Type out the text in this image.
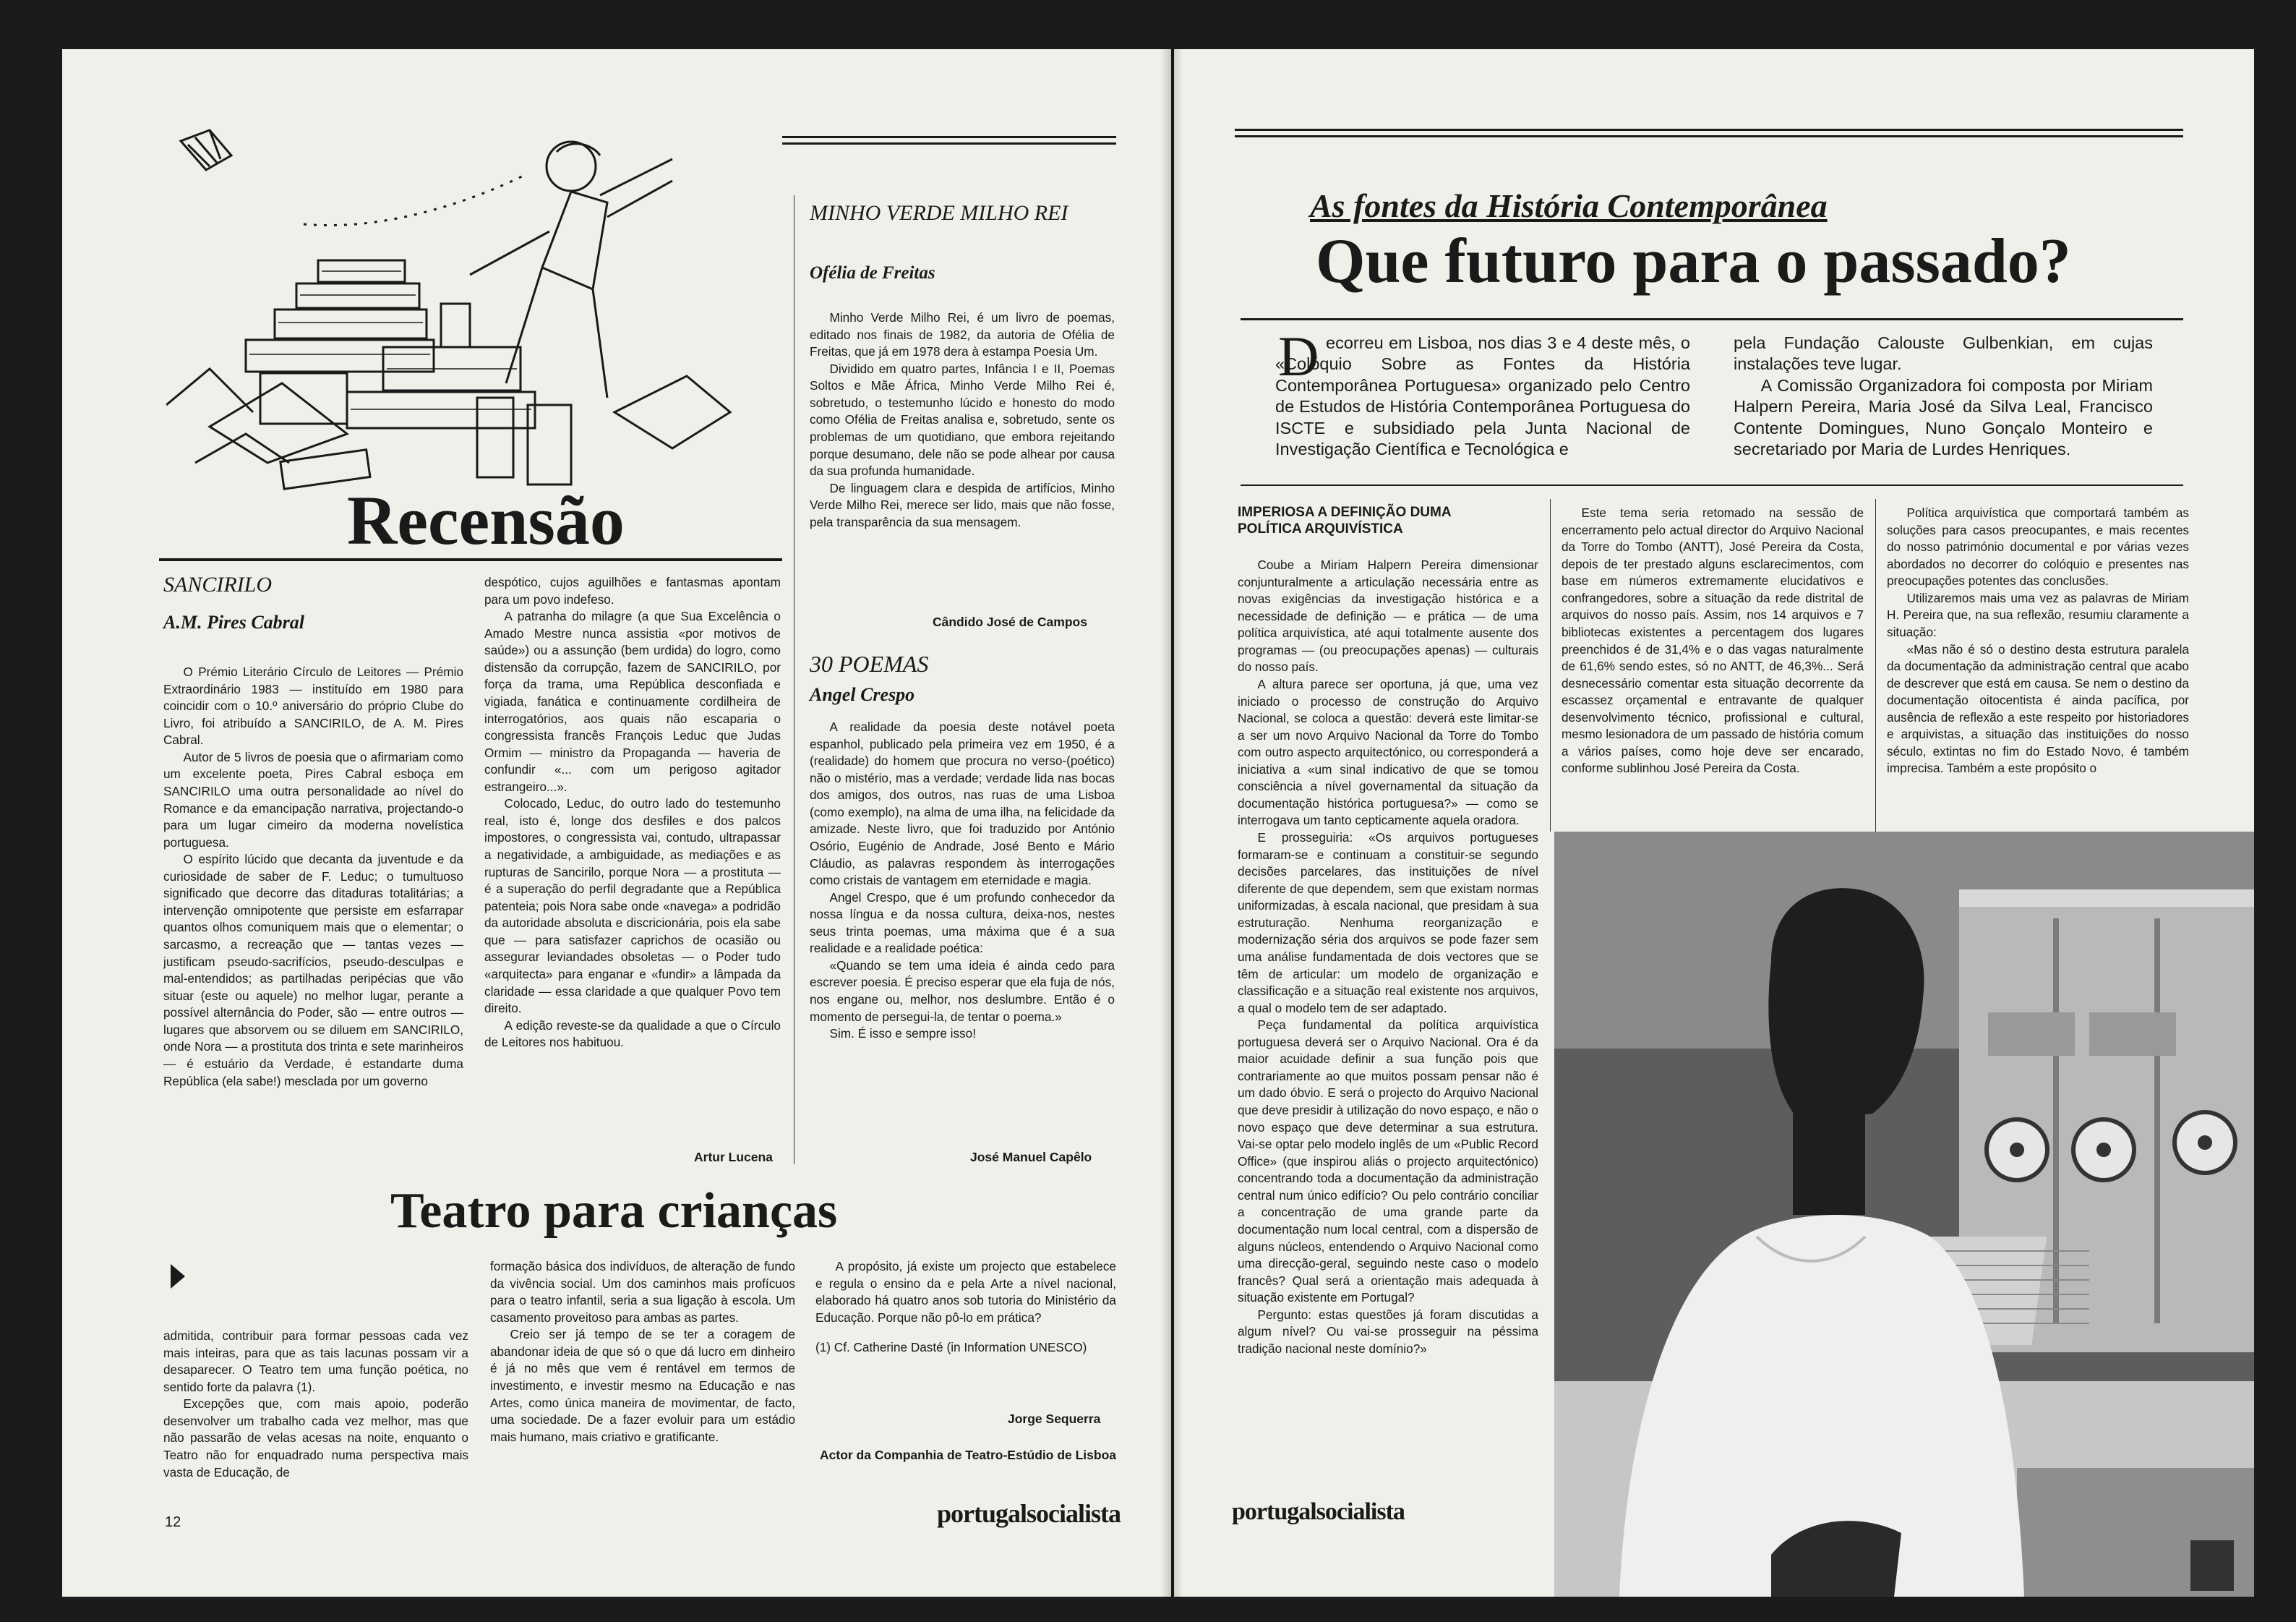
Recensão
SANCIRILO
A.M. Pires Cabral

O Prémio Literário Círculo de Leitores — Prémio Extraordinário 1983 — instituído em 1980 para coincidir com o 10.º aniversário do próprio Clube do Livro, foi atribuído a SANCIRILO, de A. M. Pires Cabral.

Autor de 5 livros de poesia que o afirmariam como um excelente poeta, Pires Cabral esboça em SANCIRILO uma outra personalidade ao nível do Romance e da emancipação narrativa, projectando-o para um lugar cimeiro da moderna novelística portuguesa.

O espírito lúcido que decanta da juventude e da curiosidade de saber de F. Leduc; o tumultuoso significado que decorre das ditaduras totalitárias; a intervenção omnipotente que persiste em esfarrapar quantos olhos comuniquem mais que o elementar; o sarcasmo, a recreação que — tantas vezes — justificam pseudo-sacrifícios, pseudo-desculpas e mal-entendidos; as partilhadas peripécias que vão situar (este ou aquele) no melhor lugar, perante a possível alternância do Poder, são — entre outros — lugares que absorvem ou se diluem em SANCIRILO, onde Nora — a prostituta dos trinta e sete marinheiros — é estuário da Verdade, é estandarte duma República (ela sabe!) mesclada por um governo

despótico, cujos aguilhões e fantasmas apontam para um povo indefeso.

A patranha do milagre (a que Sua Excelência o Amado Mestre nunca assistia «por motivos de saúde») ou a assunção (bem urdida) do logro, como distensão da corrupção, fazem de SANCIRILO, por força da trama, uma República desconfiada e vigiada, fanática e continuamente cordilheira de interrogatórios, aos quais não escaparia o congressista francês François Leduc que Judas Ormim — ministro da Propaganda — haveria de confundir «... com um perigoso agitador estrangeiro...».

Colocado, Leduc, do outro lado do testemunho real, isto é, longe dos desfiles e dos palcos impostores, o congressista vai, contudo, ultrapassar a negatividade, a ambiguidade, as mediações e as rupturas de Sancirilo, porque Nora — a prostituta — é a superação do perfil degradante que a República patenteia; pois Nora sabe onde «navega» a podridão da autoridade absoluta e discricionária, pois ela sabe que — para satisfazer caprichos de ocasião ou assegurar leviandades obsoletas — o Poder tudo «arquitecta» para enganar e «fundir» a lâmpada da claridade — essa claridade a que qualquer Povo tem direito.

A edição reveste-se da qualidade a que o Círculo de Leitores nos habituou.

Artur Lucena
MINHO VERDE MILHO REI
Ofélia de Freitas

Minho Verde Milho Rei, é um livro de poemas, editado nos finais de 1982, da autoria de Ofélia de Freitas, que já em 1978 dera à estampa Poesia Um.

Dividido em quatro partes, Infância I e II, Poemas Soltos e Mãe África, Minho Verde Milho Rei é, sobretudo, o testemunho lúcido e honesto do modo como Ofélia de Freitas analisa e, sobretudo, sente os problemas de um quotidiano, que embora rejeitando porque desumano, dele não se pode alhear por causa da sua profunda humanidade.

De linguagem clara e despida de artifícios, Minho Verde Milho Rei, merece ser lido, mais que não fosse, pela transparência da sua mensagem.

Cândido José de Campos
30 POEMAS
Angel Crespo

A realidade da poesia deste notável poeta espanhol, publicado pela primeira vez em 1950, é a (realidade) do homem que procura no verso-(poético) não o mistério, mas a verdade; verdade lida nas bocas dos amigos, dos outros, nas ruas de uma Lisboa (como exemplo), na alma de uma ilha, na felicidade da amizade. Neste livro, que foi traduzido por António Osório, Eugénio de Andrade, José Bento e Mário Cláudio, as palavras respondem às interrogações como cristais de vantagem em eternidade e magia.

Angel Crespo, que é um profundo conhecedor da nossa língua e da nossa cultura, deixa-nos, nestes seus trinta poemas, uma máxima que é a sua realidade e a realidade poética:

«Quando se tem uma ideia é ainda cedo para escrever poesia. É preciso esperar que ela fuja de nós, nos engane ou, melhor, nos deslumbre. Então é o momento de persegui-la, de tentar o poema.»

Sim. É isso e sempre isso!

José Manuel Capêlo
Teatro para crianças

admitida, contribuir para formar pessoas cada vez mais inteiras, para que as tais lacunas possam vir a desaparecer. O Teatro tem uma função poética, no sentido forte da palavra (1).

Excepções que, com mais apoio, poderão desenvolver um trabalho cada vez melhor, mas que não passarão de velas acesas na noite, enquanto o Teatro não for enquadrado numa perspectiva mais vasta de Educação, de

formação básica dos indivíduos, de alteração de fundo da vivência social. Um dos caminhos mais profícuos para o teatro infantil, seria a sua ligação à escola. Um casamento proveitoso para ambas as partes.

Creio ser já tempo de se ter a coragem de abandonar ideia de que só o que dá lucro em dinheiro é já no mês que vem é rentável em termos de investimento, e investir mesmo na Educação e nas Artes, como única maneira de movimentar, de facto, uma sociedade. De a fazer evoluir para um estádio mais humano, mais criativo e gratificante.

A propósito, já existe um projecto que estabelece e regula o ensino da e pela Arte a nível nacional, elaborado há quatro anos sob tutoria do Ministério da Educação. Porque não pô-lo em prática?

(1) Cf. Catherine Dasté (in Information UNESCO)

Jorge Sequerra
Actor da Companhia de Teatro-Estúdio de Lisboa
12	portugalsocialista
As fontes da História Contemporânea
Que futuro para o passado?
D ecorreu em Lisboa, nos dias 3 e 4 deste mês, o «Colóquio Sobre as Fontes da História Contemporânea Portuguesa» organizado pelo Centro de Estudos de História Contemporânea Portuguesa do ISCTE e subsidiado pela Junta Nacional de Investigação Científica e Tecnológica e

pela Fundação Calouste Gulbenkian, em cujas instalações teve lugar.

A Comissão Organizadora foi composta por Miriam Halpern Pereira, Maria José da Silva Leal, Francisco Contente Domingues, Nuno Gonçalo Monteiro e secretariado por Maria de Lurdes Henriques.

IMPERIOSA A DEFINIÇÃO DUMA POLÍTICA ARQUIVÍSTICA

Coube a Miriam Halpern Pereira dimensionar conjunturalmente a articulação necessária entre as novas exigências da investigação histórica e a necessidade de definição — e prática — de uma política arquivística, até aqui totalmente ausente dos programas — (ou preocupações apenas) — culturais do nosso país.

A altura parece ser oportuna, já que, uma vez iniciado o processo de construção do Arquivo Nacional, se coloca a questão: deverá este limitar-se a ser um novo Arquivo Nacional da Torre do Tombo com outro aspecto arquitectónico, ou corresponderá a iniciativa a «um sinal indicativo de que se tomou consciência a nível governamental da situação da documentação histórica portuguesa?» — como se interrogava um tanto cepticamente aquela oradora.

E prosseguiria: «Os arquivos portugueses formaram-se e continuam a constituir-se segundo decisões parcelares, das instituições de nível diferente de que dependem, sem que existam normas uniformizadas, à escala nacional, que presidam à sua estruturação. Nenhuma reorganização e modernização séria dos arquivos se pode fazer sem uma análise fundamentada de dois vectores que se têm de articular: um modelo de organização e classificação e a situação real existente nos arquivos, a qual o modelo tem de ser adaptado.

Peça fundamental da política arquivística portuguesa deverá ser o Arquivo Nacional. Ora é da maior acuidade definir a sua função pois que contrariamente ao que muitos possam pensar não é um dado óbvio. E será o projecto do Arquivo Nacional que deve presidir à utilização do novo espaço, e não o novo espaço que deve determinar a sua estrutura. Vai-se optar pelo modelo inglês de um «Public Record Office» (que inspirou aliás o projecto arquitectónico) concentrando toda a documentação da administração central num único edifício? Ou pelo contrário conciliar a concentração de uma grande parte da documentação num local central, com a dispersão de alguns núcleos, entendendo o Arquivo Nacional como uma direcção-geral, seguindo neste caso o modelo francês? Qual será a orientação mais adequada à situação existente em Portugal?

Pergunto: estas questões já foram discutidas a algum nível? Ou vai-se prosseguir na péssima tradição nacional neste domínio?»

Este tema seria retomado na sessão de encerramento pelo actual director do Arquivo Nacional da Torre do Tombo (ANTT), José Pereira da Costa, depois de ter prestado alguns esclarecimentos, com base em números extremamente elucidativos e confrangedores, sobre a situação da rede distrital de arquivos do nosso país. Assim, nos 14 arquivos e 7 bibliotecas existentes a percentagem dos lugares preenchidos é de 31,4% e o das vagas naturalmente de 61,6% sendo estes, só no ANTT, de 46,3%... Será desnecessário comentar esta situação decorrente da escassez orçamental e entravante de qualquer desenvolvimento técnico, profissional e cultural, mesmo lesionadora de um passado de história comum a vários países, como hoje deve ser encarado, conforme sublinhou José Pereira da Costa.

Política arquivística que comportará também as soluções para casos preocupantes, e mais recentes do nosso património documental e por várias vezes abordados no decorrer do colóquio e presentes nas preocupações potentes das conclusões.

Utilizaremos mais uma vez as palavras de Miriam H. Pereira que, na sua reflexão, resumiu claramente a situação:

«Mas não é só o destino desta estrutura paralela da documentação da administração central que acabo de descrever que está em causa. Se nem o destino da documentação oitocentista é ainda pacífica, por ausência de reflexão a este respeito por historiadores e arquivistas, a situação das instituições do nosso século, extintas no fim do Estado Novo, é também imprecisa. Também a este propósito o

portugalsocialista
